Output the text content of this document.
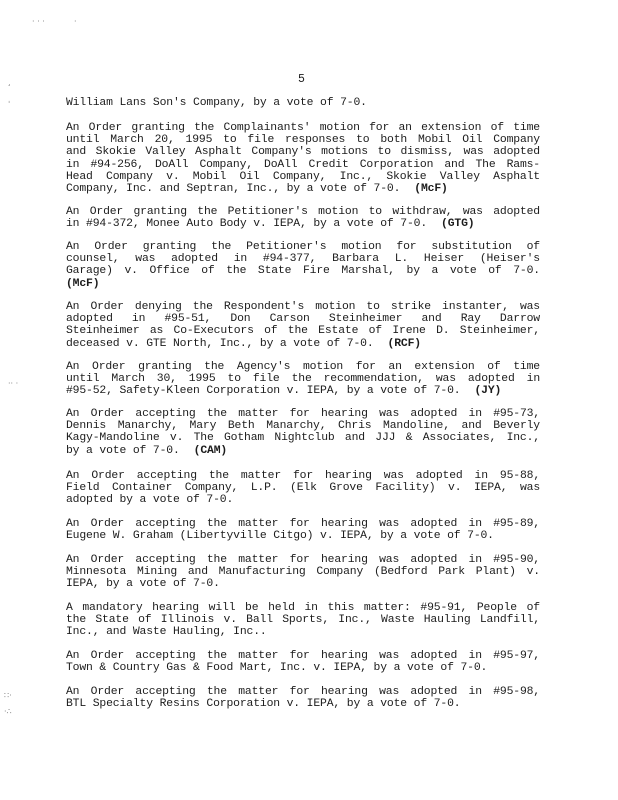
· · ·	·
ʻ
ˌ
·· ·
∷·
·∴
5
William Lans Son's Company, by a vote of 7-0.
An Order granting the Complainants' motion for an extension of time
until March 20, 1995 to file responses to both Mobil Oil Company
and Skokie Valley Asphalt Company's motions to dismiss, was adopted
in #94-256, DoAll Company, DoAll Credit Corporation and The Rams-
Head Company v. Mobil Oil Company, Inc., Skokie Valley Asphalt
Company, Inc. and Septran, Inc., by a vote of 7-0. (McF)
An Order granting the Petitioner's motion to withdraw, was adopted
in #94-372, Monee Auto Body v. IEPA, by a vote of 7-0. (GTG)
An Order granting the Petitioner's motion for substitution of
counsel, was adopted in #94-377, Barbara L. Heiser (Heiser's
Garage) v. Office of the State Fire Marshal, by a vote of 7-0.
(McF)
An Order denying the Respondent's motion to strike instanter, was
adopted in #95-51, Don Carson Steinheimer and Ray Darrow
Steinheimer as Co-Executors of the Estate of Irene D. Steinheimer,
deceased v. GTE North, Inc., by a vote of 7-0. (RCF)
An Order granting the Agency's motion for an extension of time
until March 30, 1995 to file the recommendation, was adopted in
#95-52, Safety-Kleen Corporation v. IEPA, by a vote of 7-0. (JY)
An Order accepting the matter for hearing was adopted in #95-73,
Dennis Manarchy, Mary Beth Manarchy, Chris Mandoline, and Beverly
Kagy-Mandoline v. The Gotham Nightclub and JJJ & Associates, Inc.,
by a vote of 7-0. (CAM)
An Order accepting the matter for hearing was adopted in 95-88,
Field Container Company, L.P. (Elk Grove Facility) v. IEPA, was
adopted by a vote of 7-0.
An Order accepting the matter for hearing was adopted in #95-89,
Eugene W. Graham (Libertyville Citgo) v. IEPA, by a vote of 7-0.
An Order accepting the matter for hearing was adopted in #95-90,
Minnesota Mining and Manufacturing Company (Bedford Park Plant) v.
IEPA, by a vote of 7-0.
A mandatory hearing will be held in this matter: #95-91, People of
the State of Illinois v. Ball Sports, Inc., Waste Hauling Landfill,
Inc., and Waste Hauling, Inc..
An Order accepting the matter for hearing was adopted in #95-97,
Town & Country Gas & Food Mart, Inc. v. IEPA, by a vote of 7-0.
An Order accepting the matter for hearing was adopted in #95-98,
BTL Specialty Resins Corporation v. IEPA, by a vote of 7-0.
